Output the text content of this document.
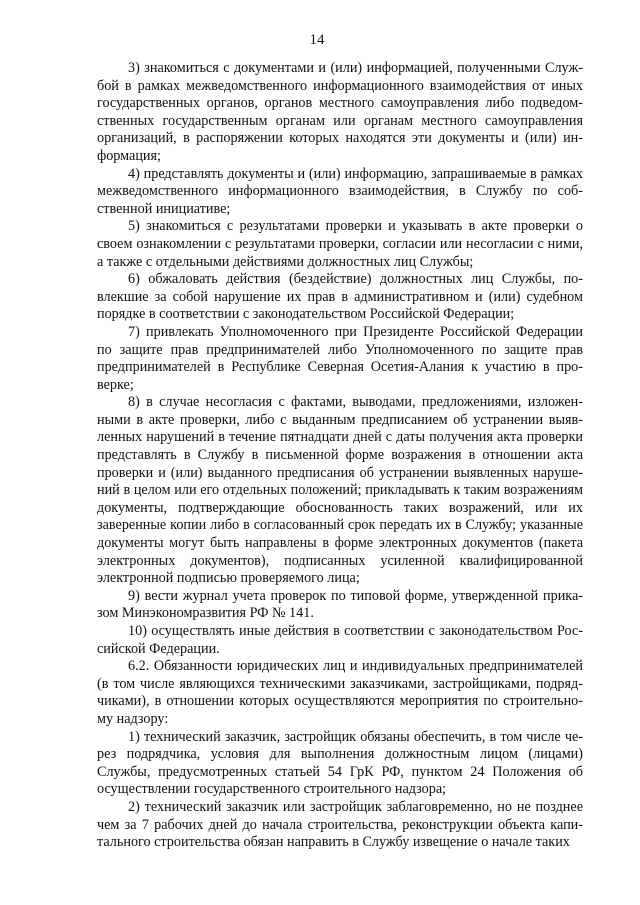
14

3) знакомиться с документами и (или) информацией, полученными Службой в рамках межведомственного информационного взаимодействия от иных государственных органов, органов местного самоуправления либо подведомственных государственным органам или органам местного самоуправления организаций, в распоряжении которых находятся эти документы и (или) информация;

4) представлять документы и (или) информацию, запрашиваемые в рамках межведомственного информационного взаимодействия, в Службу по собственной инициативе;

5) знакомиться с результатами проверки и указывать в акте проверки о своем ознакомлении с результатами проверки, согласии или несогласии с ними, а также с отдельными действиями должностных лиц Службы;

6) обжаловать действия (бездействие) должностных лиц Службы, повлекшие за собой нарушение их прав в административном и (или) судебном порядке в соответствии с законодательством Российской Федерации;

7) привлекать Уполномоченного при Президенте Российской Федерации по защите прав предпринимателей либо Уполномоченного по защите прав предпринимателей в Республике Северная Осетия-Алания к участию в проверке;

8) в случае несогласия с фактами, выводами, предложениями, изложенными в акте проверки, либо с выданным предписанием об устранении выявленных нарушений в течение пятнадцати дней с даты получения акта проверки представлять в Службу в письменной форме возражения в отношении акта проверки и (или) выданного предписания об устранении выявленных нарушений в целом или его отдельных положений; прикладывать к таким возражениям документы, подтверждающие обоснованность таких возражений, или их заверенные копии либо в согласованный срок передать их в Службу; указанные документы могут быть направлены в форме электронных документов (пакета электронных документов), подписанных усиленной квалифицированной электронной подписью проверяемого лица;

9) вести журнал учета проверок по типовой форме, утвержденной приказом Минэкономразвития РФ № 141.

10) осуществлять иные действия в соответствии с законодательством Российской Федерации.

6.2. Обязанности юридических лиц и индивидуальных предпринимателей (в том числе являющихся техническими заказчиками, застройщиками, подрядчиками), в отношении которых осуществляются мероприятия по строительному надзору:

1) технический заказчик, застройщик обязаны обеспечить, в том числе через подрядчика, условия для выполнения должностным лицом (лицами) Службы, предусмотренных статьей 54 ГрК РФ, пунктом 24 Положения об осуществлении государственного строительного надзора;

2) технический заказчик или застройщик заблаговременно, но не позднее чем за 7 рабочих дней до начала строительства, реконструкции объекта капитального строительства обязан направить в Службу извещение о начале таких
